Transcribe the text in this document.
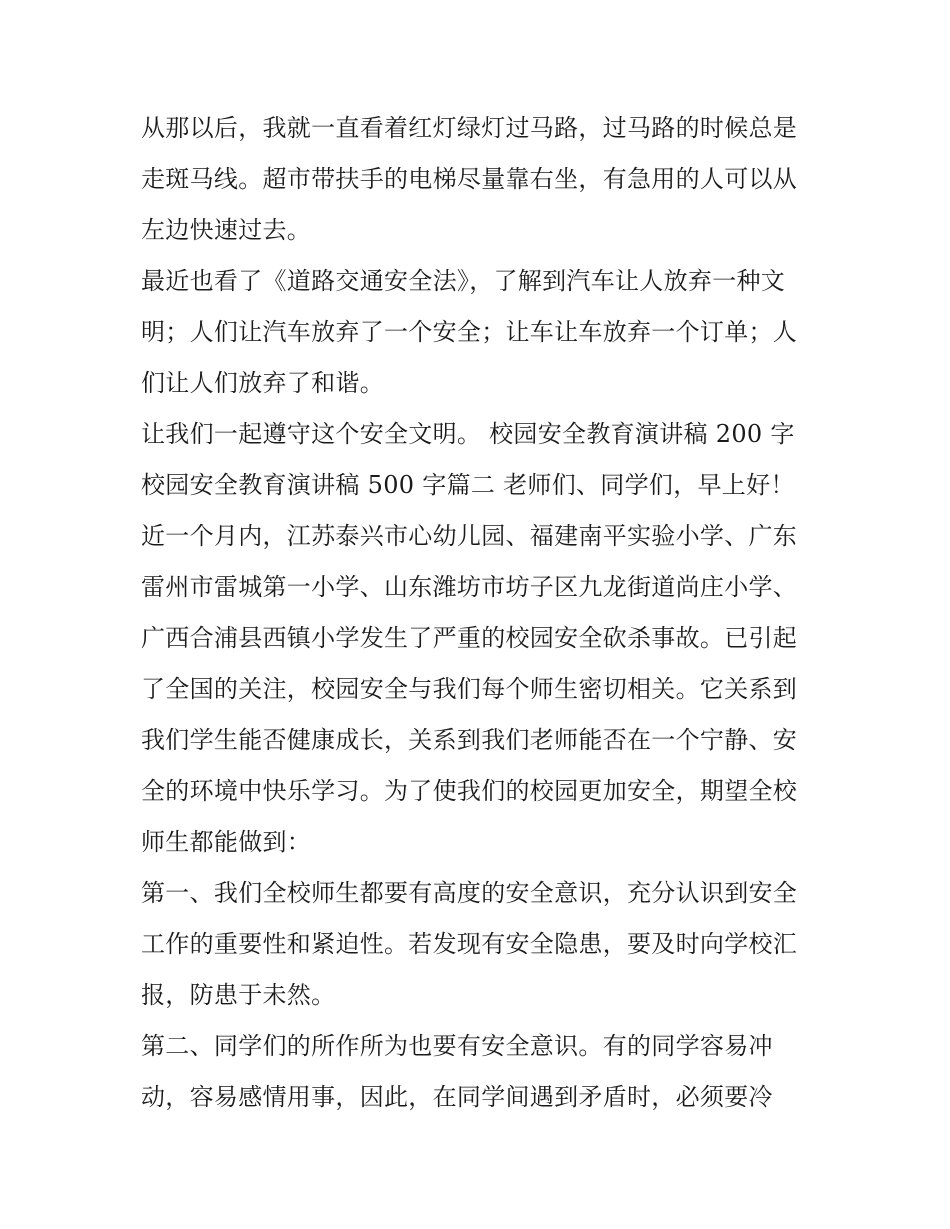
从那以后，我就一直看着红灯绿灯过马路，过马路的时候总是
走斑马线。超市带扶手的电梯尽量靠右坐，有急用的人可以从
左边快速过去。
最近也看了《道路交通安全法》，了解到汽车让人放弃一种文
明；人们让汽车放弃了一个安全；让车让车放弃一个订单；人
们让人们放弃了和谐。
让我们一起遵守这个安全文明。 校园安全教育演讲稿 200 字
校园安全教育演讲稿 500 字篇二 老师们、同学们，早上好！
近一个月内，江苏泰兴市心幼儿园、福建南平实验小学、广东
雷州市雷城第一小学、山东潍坊市坊子区九龙街道尚庄小学、
广西合浦县西镇小学发生了严重的校园安全砍杀事故。已引起
了全国的关注，校园安全与我们每个师生密切相关。它关系到
我们学生能否健康成长，关系到我们老师能否在一个宁静、安
全的环境中快乐学习。为了使我们的校园更加安全，期望全校
师生都能做到：
第一、我们全校师生都要有高度的安全意识，充分认识到安全
工作的重要性和紧迫性。若发现有安全隐患，要及时向学校汇
报，防患于未然。
第二、同学们的所作所为也要有安全意识。有的同学容易冲
动，容易感情用事，因此，在同学间遇到矛盾时，必须要冷
